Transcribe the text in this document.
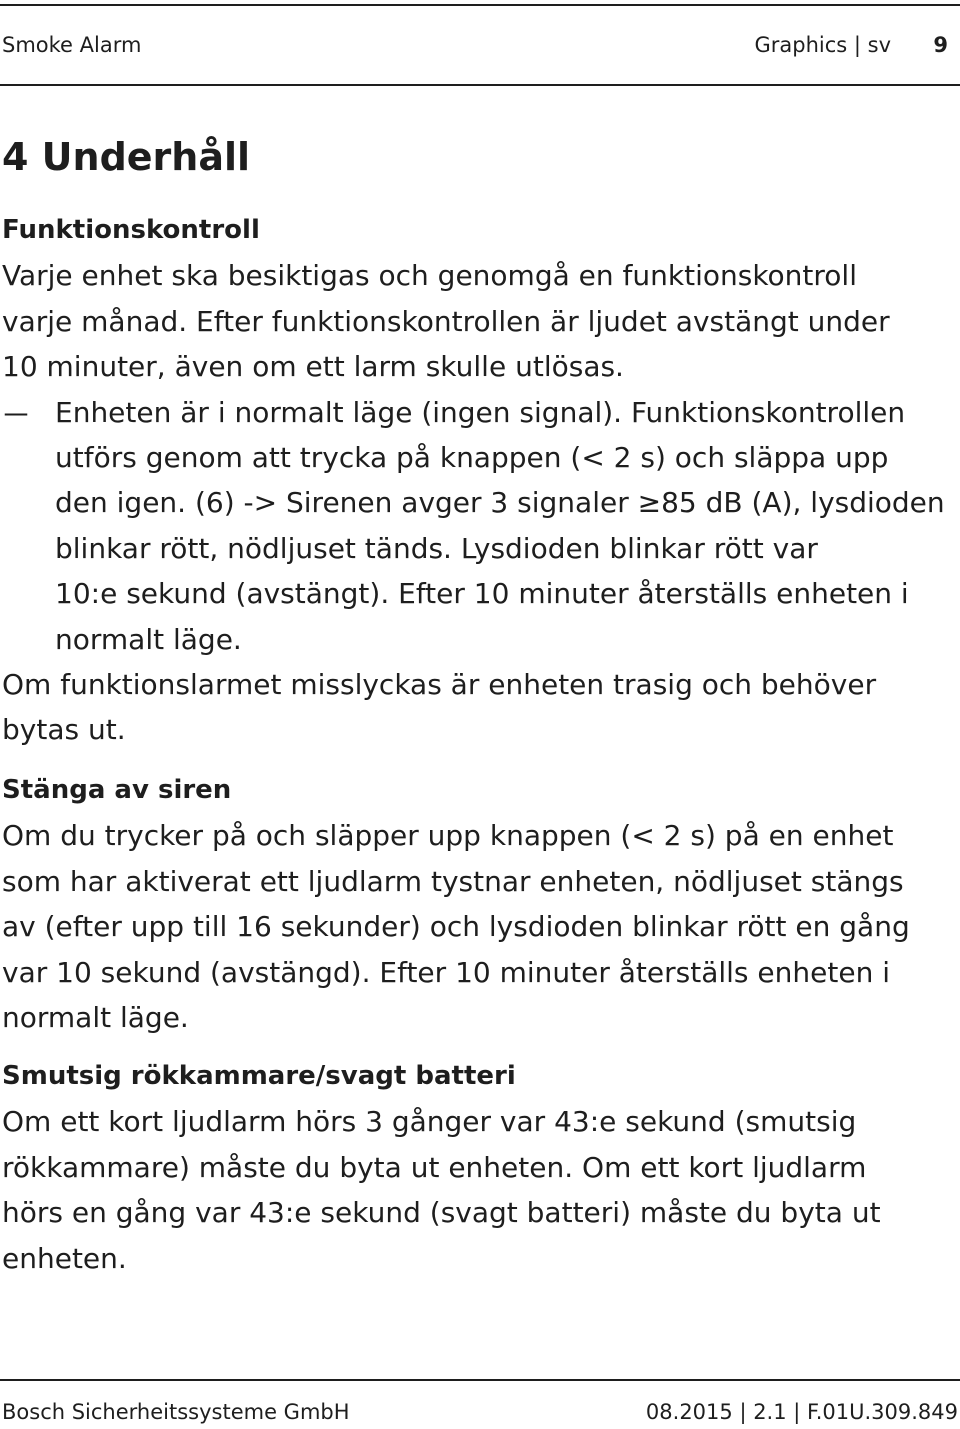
Smoke Alarm	Graphics | sv 9
4 Underhåll
Funktionskontroll
Varje enhet ska besiktigas och genomgå en funktionskontroll
varje månad. Efter funktionskontrollen är ljudet avstängt under
10 minuter, även om ett larm skulle utlösas.
– Enheten är i normalt läge (ingen signal). Funktionskontrollen
utförs genom att trycka på knappen (< 2 s) och släppa upp
den igen. (6) -> Sirenen avger 3 signaler ≥85 dB (A), lysdioden
blinkar rött, nödljuset tänds. Lysdioden blinkar rött var
10:e sekund (avstängt). Efter 10 minuter återställs enheten i
normalt läge.
Om funktionslarmet misslyckas är enheten trasig och behöver
bytas ut.
Stänga av siren
Om du trycker på och släpper upp knappen (< 2 s) på en enhet
som har aktiverat ett ljudlarm tystnar enheten, nödljuset stängs
av (efter upp till 16 sekunder) och lysdioden blinkar rött en gång
var 10 sekund (avstängd). Efter 10 minuter återställs enheten i
normalt läge.
Smutsig rökkammare/svagt batteri
Om ett kort ljudlarm hörs 3 gånger var 43:e sekund (smutsig
rökkammare) måste du byta ut enheten. Om ett kort ljudlarm
hörs en gång var 43:e sekund (svagt batteri) måste du byta ut
enheten.
Bosch Sicherheitssysteme GmbH	08.2015 | 2.1 | F.01U.309.849
